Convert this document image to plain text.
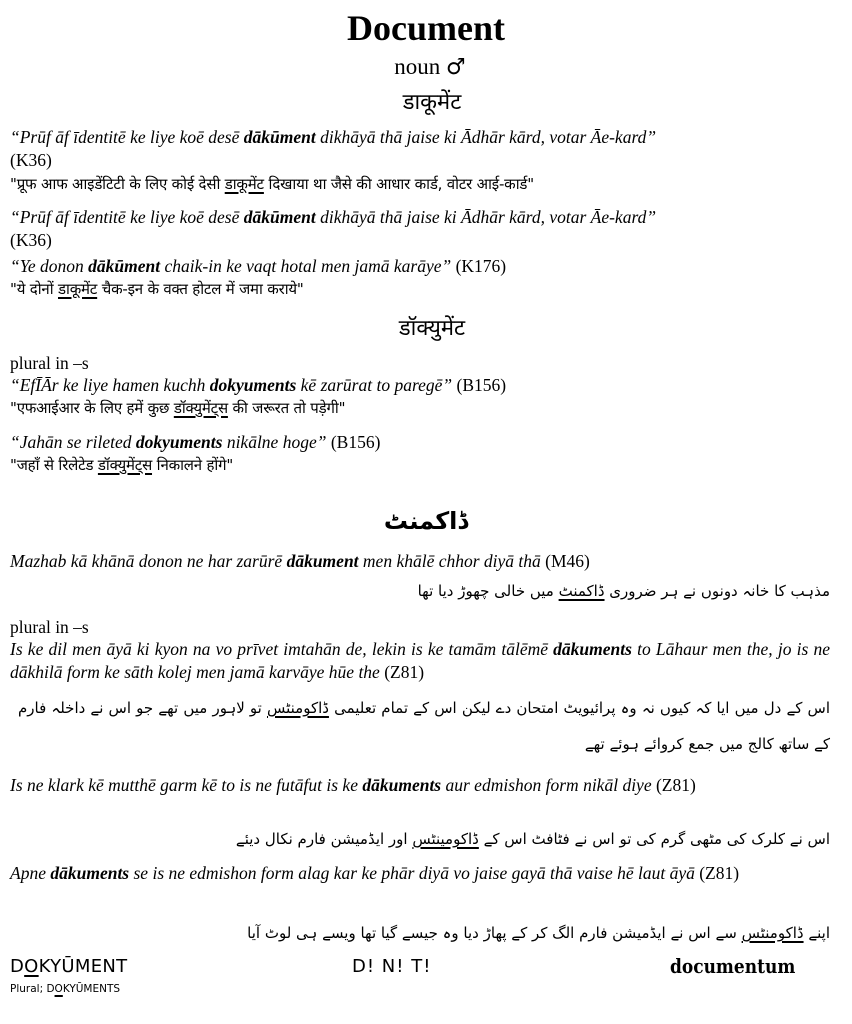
Document
noun ♂
डाकूमेंट
“Prūf āf īdentitē ke liye koē desē dākūment dikhāyā thā jaise ki Ādhār kārd, votar Āe-kard”
(K36)
"प्रूफ आफ आइडेंटिटी के लिए कोई देसी डाकूमेंट दिखाया था जैसे की आधार कार्ड, वोटर आई-कार्ड"
“Prūf āf īdentitē ke liye koē desē dākūment dikhāyā thā jaise ki Ādhār kārd, votar Āe-kard”
(K36)
“Ye donon dākūment chaik-in ke vaqt hotal men jamā karāye” (K176)
"ये दोनों डाकूमेंट चैक-इन के वक्त होटल में जमा कराये"
डॉक्युमेंट
plural in –s
“EfĪĀr ke liye hamen kuchh dokyuments kē zarūrat to paregē” (B156)
"एफआईआर के लिए हमें कुछ डॉक्युमेंट्स की जरूरत तो पड़ेगी"
“Jahān se rileted dokyuments nikālne hoge” (B156)
"जहाँ से रिलेटेड डॉक्युमेंट्स निकालने होंगे"
ڈاکمنٹ
Mazhab kā khānā donon ne har zarūrē dākument men khālē chhor diyā thā (M46)
مذہب کا خانہ دونوں نے ہر ضروری ڈاکمنٹ میں خالی چھوڑ دیا تھا
plural in –s
Is ke dil men āyā ki kyon na vo prīvet imtahān de, lekin is ke tamām tālēmē dākuments to Lāhaur men the, jo is ne dākhilā form ke sāth kolej men jamā karvāye hūe the (Z81)
اس کے دل میں ایا کہ کیوں نہ وہ پرائیویٹ امتحان دے لیکن اس کے تمام تعلیمی ڈاکومنٹس تو لاہور میں تھے جو اس نے داخلہ فارم کے ساتھ کالج میں جمع کروائے ہوئے تھے
Is ne klark kē mutthē garm kē to is ne futāfut is ke dākuments aur edmishon form nikāl diye (Z81)
اس نے کلرک کی مٹھی گرم کی تو اس نے فٹافٹ اس کے ڈاکومینٹس اور ایڈمیشن فارم نکال دیئے
Apne dākuments se is ne edmishon form alag kar ke phār diyā vo jaise gayā thā vaise hē laut āyā (Z81)
اپنے ڈاکومنٹس سے اس نے ایڈمیشن فارم الگ کر کے پھاڑ دیا وہ جیسے گیا تھا ویسے ہی لوٹ آیا
DOKYŪMENT
Plural; DOKYŪMENTS
D! N! T!	documentum
